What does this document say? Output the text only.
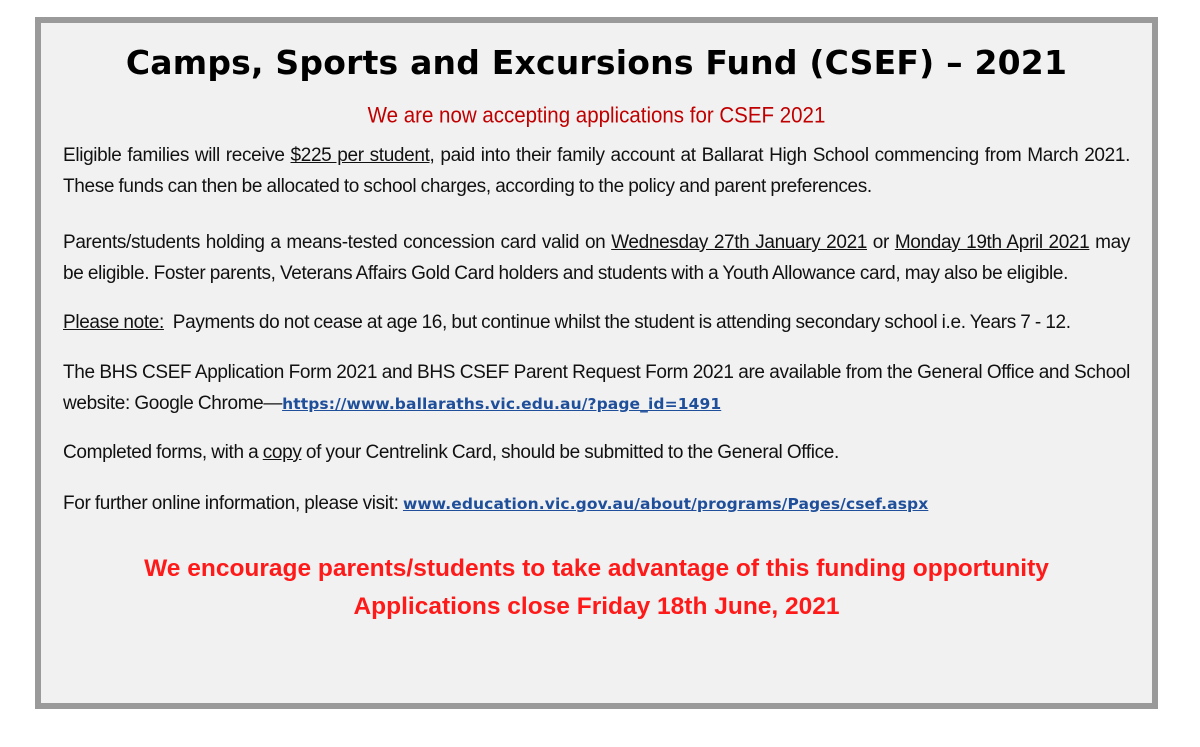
Camps, Sports and Excursions Fund (CSEF) – 2021
We are now accepting applications for CSEF 2021

Eligible families will receive $225 per student, paid into their family account at Ballarat High School commencing from March 2021. These funds can then be allocated to school charges, according to the policy and parent preferences.

Parents/students holding a means-tested concession card valid on Wednesday 27th January 2021 or Monday 19th April 2021 may be eligible. Foster parents, Veterans Affairs Gold Card holders and students with a Youth Allowance card, may also be eligible.

Please note:  Payments do not cease at age 16, but continue whilst the student is attending secondary school i.e. Years 7 - 12.

The BHS CSEF Application Form 2021 and BHS CSEF Parent Request Form 2021 are available from the General Office and School website: Google Chrome—https://www.ballaraths.vic.edu.au/?page_id=1491

Completed forms, with a copy of your Centrelink Card, should be submitted to the General Office.

For further online information, please visit: www.education.vic.gov.au/about/programs/Pages/csef.aspx

We encourage parents/students to take advantage of this funding opportunity
Applications close Friday 18th June, 2021
